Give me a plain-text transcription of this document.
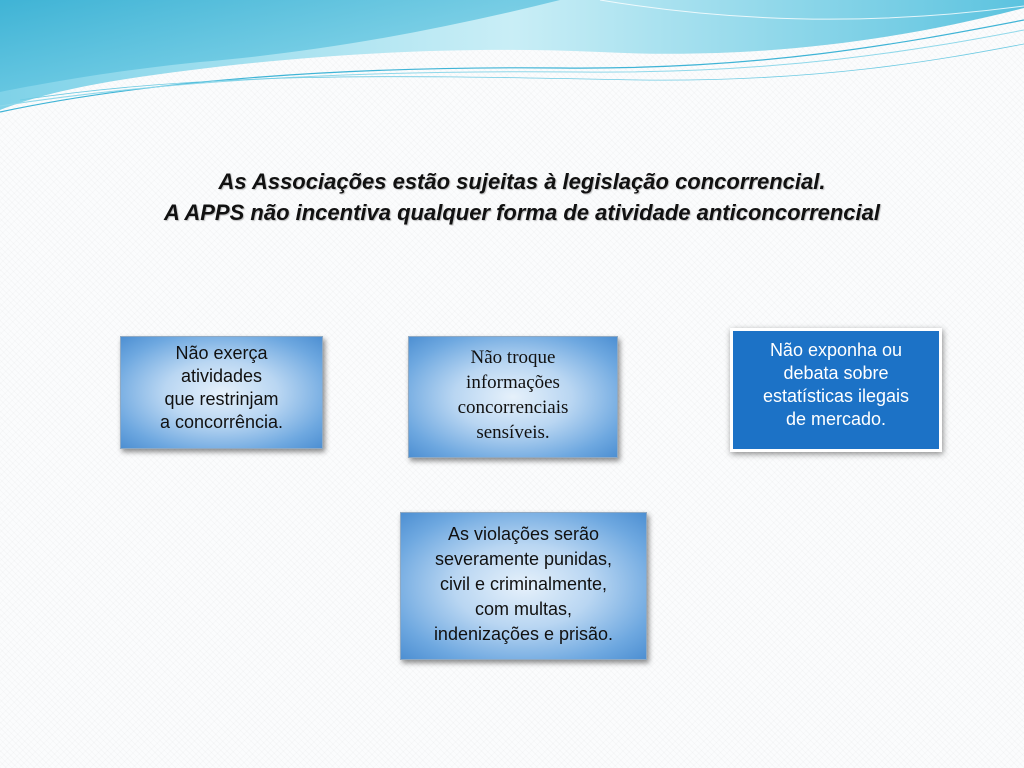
As Associações estão sujeitas à legislação concorrencial.
A APPS não incentiva qualquer forma de atividade anticoncorrencial
Não exerça
atividades
que restrinjam
a concorrência.
Não troque
informações
concorrenciais
sensíveis.
Não exponha ou
debata sobre
estatísticas ilegais
de mercado.
As violações serão
severamente punidas,
civil e criminalmente,
com multas,
indenizações e prisão.
